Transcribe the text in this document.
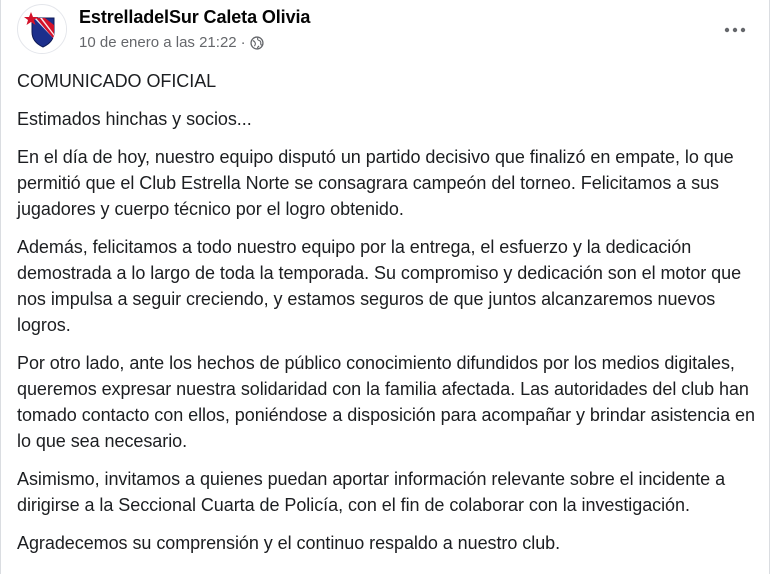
EstrelladelSur Caleta Olivia
10 de enero a las 21:22 ·

COMUNICADO OFICIAL

Estimados hinchas y socios...

En el día de hoy, nuestro equipo disputó un partido decisivo que finalizó en empate, lo que permitió que el Club Estrella Norte se consagrara campeón del torneo. Felicitamos a sus jugadores y cuerpo técnico por el logro obtenido.

Además, felicitamos a todo nuestro equipo por la entrega, el esfuerzo y la dedicación demostrada a lo largo de toda la temporada. Su compromiso y dedicación son el motor que nos impulsa a seguir creciendo, y estamos seguros de que juntos alcanzaremos nuevos logros.

Por otro lado, ante los hechos de público conocimiento difundidos por los medios digitales, queremos expresar nuestra solidaridad con la familia afectada. Las autoridades del club han tomado contacto con ellos, poniéndose a disposición para acompañar y brindar asistencia en lo que sea necesario.

Asimismo, invitamos a quienes puedan aportar información relevante sobre el incidente a dirigirse a la Seccional Cuarta de Policía, con el fin de colaborar con la investigación.

Agradecemos su comprensión y el continuo respaldo a nuestro club.
